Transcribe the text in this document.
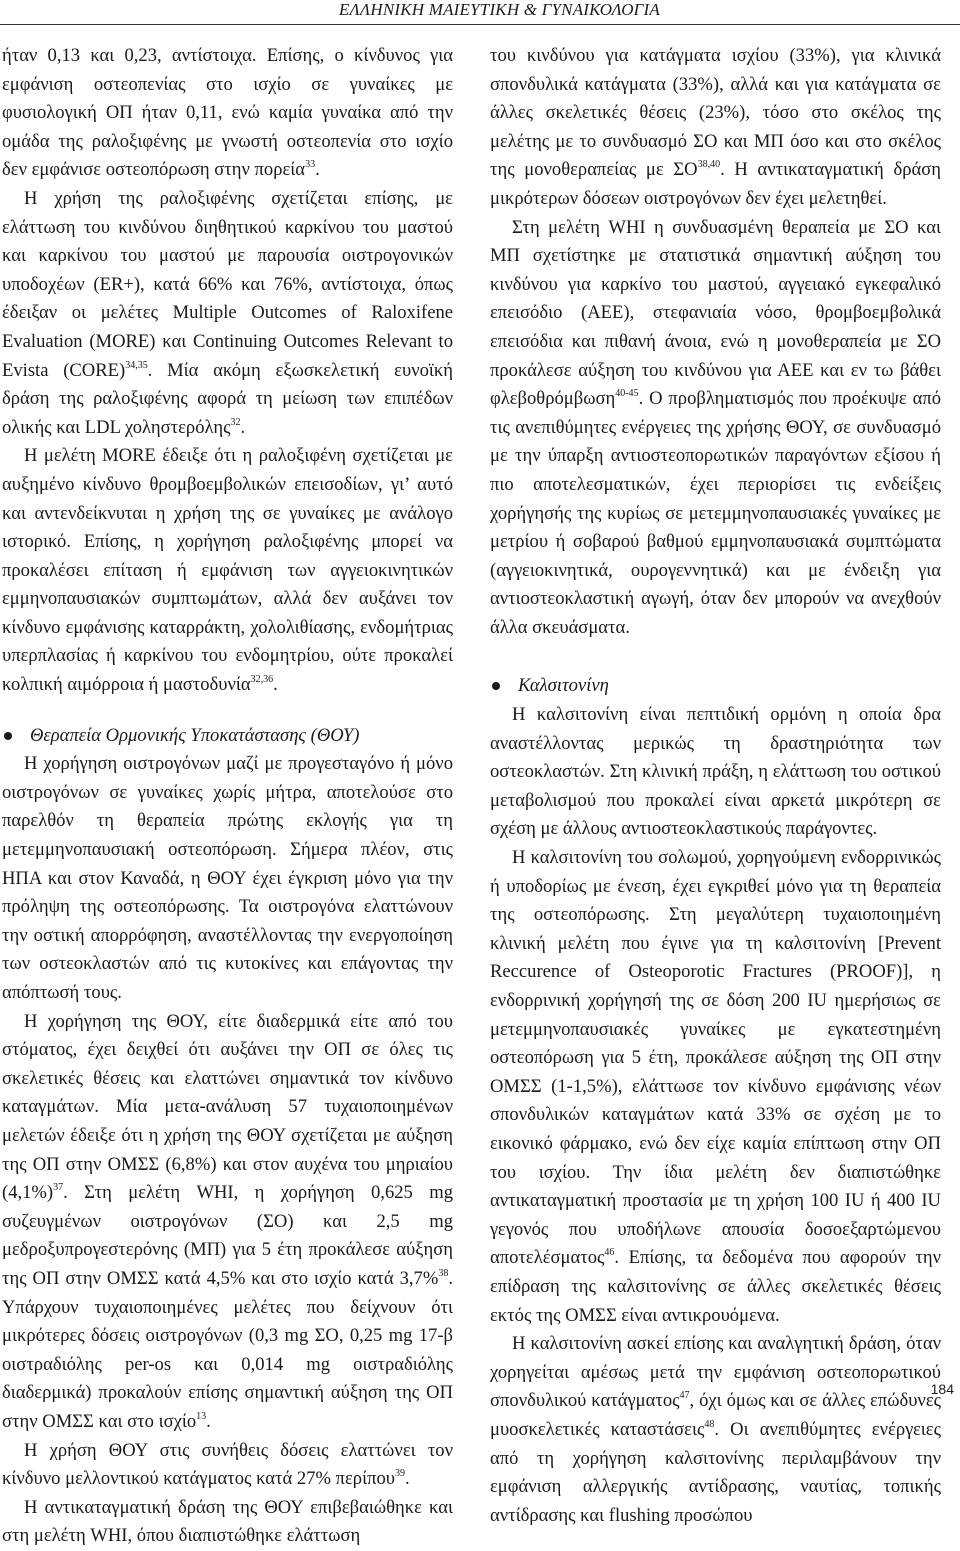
ΕΛΛΗΝΙΚΗ ΜΑΙΕΥΤΙΚΗ & ΓΥΝΑΙΚΟΛΟΓΙΑ

ήταν 0,13 και 0,23, αντίστοιχα. Επίσης, ο κίνδυνος για εμφάνιση οστεοπενίας στο ισχίο σε γυναίκες με φυσιολογική ΟΠ ήταν 0,11, ενώ καμία γυναίκα από την ομάδα της ραλοξιφένης με γνωστή οστεοπενία στο ισχίο δεν εμφάνισε οστεοπόρωση στην πορεία$^{33}$.

Η χρήση της ραλοξιφένης σχετίζεται επίσης, με ελάττωση του κινδύνου διηθητικού καρκίνου του μαστού και καρκίνου του μαστού με παρουσία οιστρογονικών υποδοχέων (ER+), κατά 66% και 76%, αντίστοιχα, όπως έδειξαν οι μελέτες Multiple Outcomes of Raloxifene Evaluation (MORE) και Continuing Outcomes Relevant to Evista (CORE)$^{34,35}$. Μία ακόμη εξωσκελετική ευνοϊκή δράση της ραλοξιφένης αφορά τη μείωση των επιπέδων ολικής και LDL χοληστερόλης$^{32}$.

Η μελέτη MORE έδειξε ότι η ραλοξιφένη σχετίζεται με αυξημένο κίνδυνο θρομβοεμβολικών επεισοδίων, γι’ αυτό και αντενδείκνυται η χρήση της σε γυναίκες με ανάλογο ιστορικό. Επίσης, η χορήγηση ραλοξιφένης μπορεί να προκαλέσει επίταση ή εμφάνιση των αγγειοκινητικών εμμηνοπαυσιακών συμπτωμάτων, αλλά δεν αυξάνει τον κίνδυνο εμφάνισης καταρράκτη, χολολιθίασης, ενδομήτριας υπερπλασίας ή καρκίνου του ενδομητρίου, ούτε προκαλεί κολπική αιμόρροια ή μαστοδυνία$^{32,36}$.

Θεραπεία Ορμονικής Υποκατάστασης (ΘΟΥ)

Η χορήγηση οιστρογόνων μαζί με προγεσταγόνο ή μόνο οιστρογόνων σε γυναίκες χωρίς μήτρα, αποτελούσε στο παρελθόν τη θεραπεία πρώτης εκλογής για τη μετεμμηνοπαυσιακή οστεοπόρωση. Σήμερα πλέον, στις ΗΠΑ και στον Καναδά, η ΘΟΥ έχει έγκριση μόνο για την πρόληψη της οστεοπόρωσης. Τα οιστρογόνα ελαττώνουν την οστική απορρόφηση, αναστέλλοντας την ενεργοποίηση των οστεοκλαστών από τις κυτοκίνες και επάγοντας την απόπτωσή τους.

Η χορήγηση της ΘΟΥ, είτε διαδερμικά είτε από του στόματος, έχει δειχθεί ότι αυξάνει την ΟΠ σε όλες τις σκελετικές θέσεις και ελαττώνει σημαντικά τον κίνδυνο καταγμάτων. Μία μετα-ανάλυση 57 τυχαιοποιημένων μελετών έδειξε ότι η χρήση της ΘΟΥ σχετίζεται με αύξηση της ΟΠ στην ΟΜΣΣ (6,8%) και στον αυχένα του μηριαίου $(4,1\%)^{37}$. Στη μελέτη WHI, η χορήγηση 0,625 mg συζευγμένων οιστρογόνων (ΣΟ) και 2,5 mg μεδροξυπρογεστερόνης (ΜΠ) για 5 έτη προκάλεσε αύξηση της ΟΠ στην ΟΜΣΣ κατά 4,5% και στο ισχίο κατά 3,7%$^{38}$. Υπάρχουν τυχαιοποιημένες μελέτες που δείχνουν ότι μικρότερες δόσεις οιστρογόνων (0,3 mg ΣΟ, 0,25 mg 17-β οιστραδιόλης per-os και 0,014 mg οιστραδιόλης διαδερμικά) προκαλούν επίσης σημαντική αύξηση της ΟΠ στην ΟΜΣΣ και στο ισχίο$^{13}$.

Η χρήση ΘΟΥ στις συνήθεις δόσεις ελαττώνει τον κίνδυνο μελλοντικού κατάγματος κατά 27% περίπου$^{39}$.

Η αντικαταγματική δράση της ΘΟΥ επιβεβαιώθηκε και στη μελέτη WHI, όπου διαπιστώθηκε ελάττωση

του κινδύνου για κατάγματα ισχίου (33%), για κλινικά σπονδυλικά κατάγματα (33%), αλλά και για κατάγματα σε άλλες σκελετικές θέσεις (23%), τόσο στο σκέλος της μελέτης με το συνδυασμό ΣΟ και ΜΠ όσο και στο σκέλος της μονοθεραπείας με ΣΟ$^{38,40}$. Η αντικαταγματική δράση μικρότερων δόσεων οιστρογόνων δεν έχει μελετηθεί.

Στη μελέτη WHI η συνδυασμένη θεραπεία με ΣΟ και ΜΠ σχετίστηκε με στατιστικά σημαντική αύξηση του κινδύνου για καρκίνο του μαστού, αγγειακό εγκεφαλικό επεισόδιο (ΑΕΕ), στεφανιαία νόσο, θρομβοεμβολικά επεισόδια και πιθανή άνοια, ενώ η μονοθεραπεία με ΣΟ προκάλεσε αύξηση του κινδύνου για ΑΕΕ και εν τω βάθει φλεβοθρόμβωση$^{40-45}$. Ο προβληματισμός που προέκυψε από τις ανεπιθύμητες ενέργειες της χρήσης ΘΟΥ, σε συνδυασμό με την ύπαρξη αντιοστεοπορωτικών παραγόντων εξίσου ή πιο αποτελεσματικών, έχει περιορίσει τις ενδείξεις χορήγησής της κυρίως σε μετεμμηνοπαυσιακές γυναίκες με μετρίου ή σοβαρού βαθμού εμμηνοπαυσιακά συμπτώματα (αγγειοκινητικά, ουρογεννητικά) και με ένδειξη για αντιοστεοκλαστική αγωγή, όταν δεν μπορούν να ανεχθούν άλλα σκευάσματα.

Καλσιτονίνη

Η καλσιτονίνη είναι πεπτιδική ορμόνη η οποία δρα αναστέλλοντας μερικώς τη δραστηριότητα των οστεοκλαστών. Στη κλινική πράξη, η ελάττωση του οστικού μεταβολισμού που προκαλεί είναι αρκετά μικρότερη σε σχέση με άλλους αντιοστεοκλαστικούς παράγοντες.

Η καλσιτονίνη του σολωμού, χορηγούμενη ενδορρινικώς ή υποδορίως με ένεση, έχει εγκριθεί μόνο για τη θεραπεία της οστεοπόρωσης. Στη μεγαλύτερη τυχαιοποιημένη κλινική μελέτη που έγινε για τη καλσιτονίνη [Prevent Reccurence of Osteoporotic Fractures (PROOF)], η ενδορρινική χορήγησή της σε δόση 200 IU ημερήσιως σε μετεμμηνοπαυσιακές γυναίκες με εγκατεστημένη οστεοπόρωση για 5 έτη, προκάλεσε αύξηση της ΟΠ στην ΟΜΣΣ (1-1,5%), ελάττωσε τον κίνδυνο εμφάνισης νέων σπονδυλικών καταγμάτων κατά 33% σε σχέση με το εικονικό φάρμακο, ενώ δεν είχε καμία επίπτωση στην ΟΠ του ισχίου. Την ίδια μελέτη δεν διαπιστώθηκε αντικαταγματική προστασία με τη χρήση 100 IU ή 400 IU γεγονός που υποδήλωνε απουσία δοσοεξαρτώμενου αποτελέσματος$^{46}$. Επίσης, τα δεδομένα που αφορούν την επίδραση της καλσιτονίνης σε άλλες σκελετικές θέσεις εκτός της ΟΜΣΣ είναι αντικρουόμενα.

Η καλσιτονίνη ασκεί επίσης και αναλγητική δράση, όταν χορηγείται αμέσως μετά την εμφάνιση οστεοπορωτικού σπονδυλικού κατάγματος$^{47}$, όχι όμως και σε άλλες επώδυνες μυοσκελετικές καταστάσεις$^{48}$. Οι ανεπιθύμητες ενέργειες από τη χορήγηση καλσιτονίνης περιλαμβάνουν την εμφάνιση αλλεργικής αντίδρασης, ναυτίας, τοπικής αντίδρασης και flushing προσώπου

184
